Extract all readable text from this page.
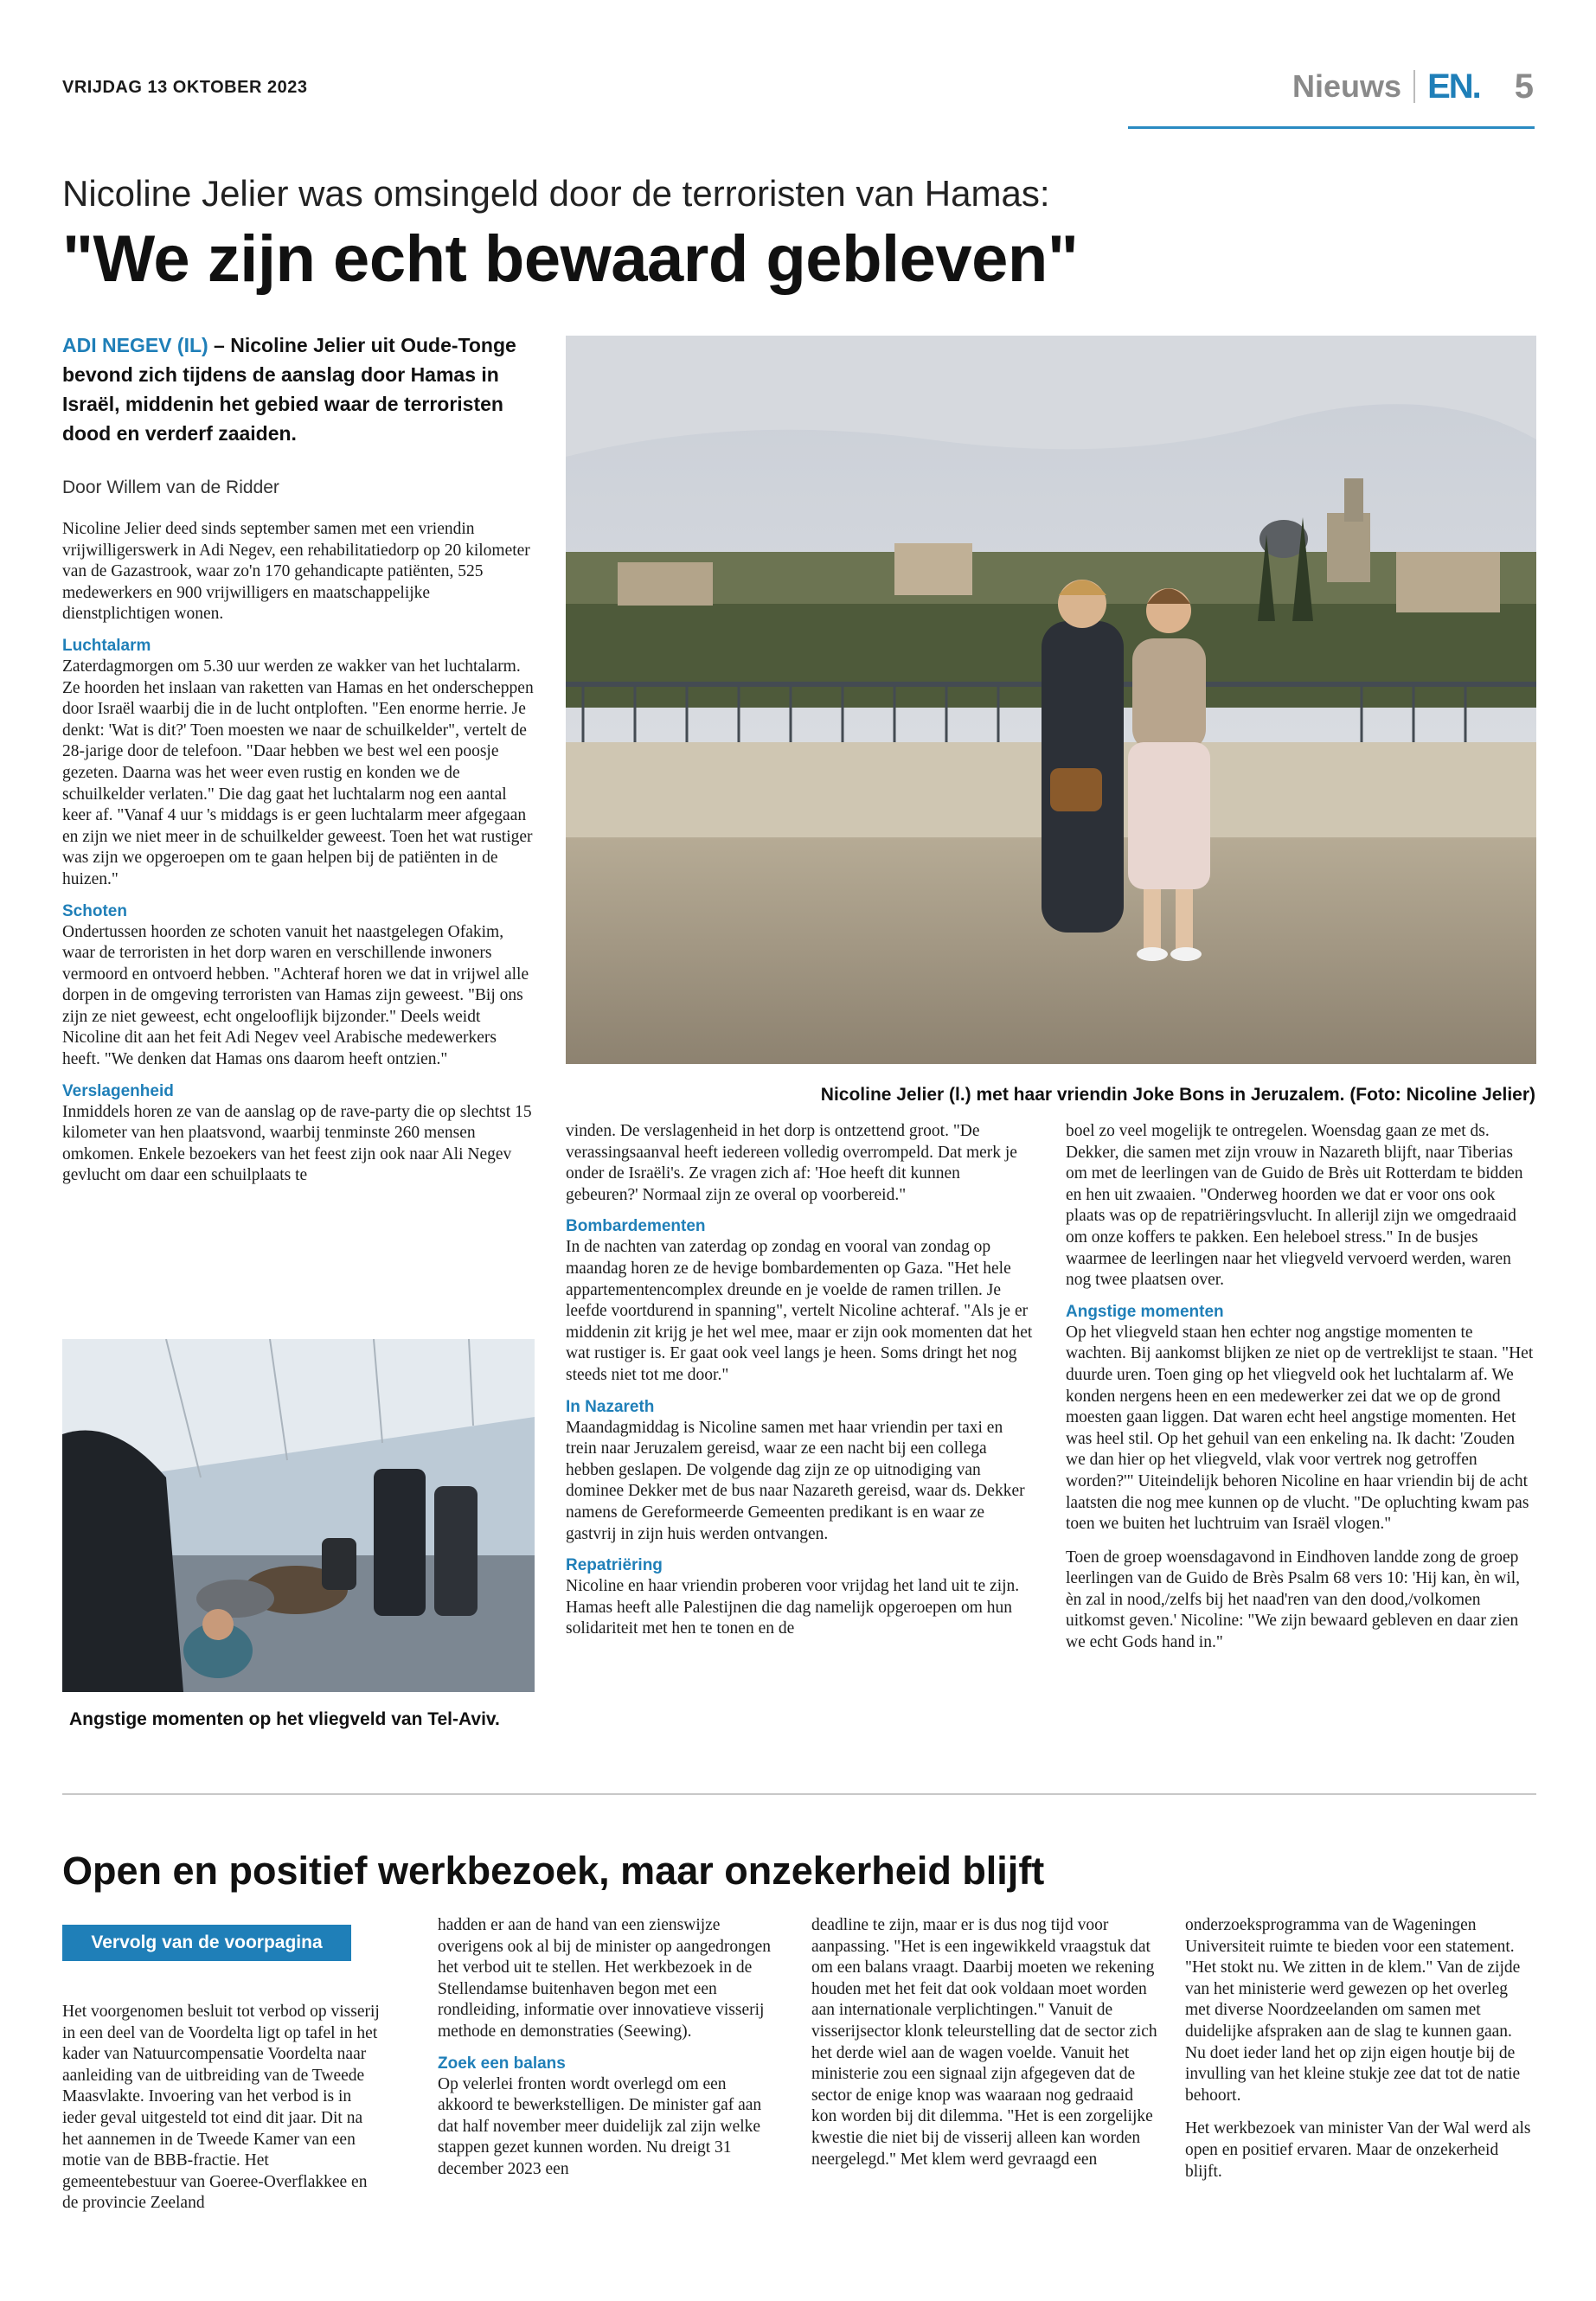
VRIJDAG 13 OKTOBER 2023	Nieuws EN. 5
Nicoline Jelier was omsingeld door de terroristen van Hamas:
"We zijn echt bewaard gebleven"
ADI NEGEV (IL) – Nicoline Jelier uit Oude-Tonge bevond zich tijdens de aanslag door Hamas in Israël, middenin het gebied waar de terroristen dood en verderf zaaiden.
Door Willem van de Ridder

Nicoline Jelier deed sinds september samen met een vriendin vrijwilligerswerk in Adi Negev, een rehabilitatiedorp op 20 kilometer van de Gazastrook, waar zo'n 170 gehandicapte patiënten, 525 medewerkers en 900 vrijwilligers en maatschappelijke dienstplichtigen wonen.

Luchtalarm

Zaterdagmorgen om 5.30 uur werden ze wakker van het luchtalarm. Ze hoorden het inslaan van raketten van Hamas en het onderscheppen door Israël waarbij die in de lucht ontploften. "Een enorme herrie. Je denkt: 'Wat is dit?' Toen moesten we naar de schuilkelder", vertelt de 28-jarige door de telefoon. "Daar hebben we best wel een poosje gezeten. Daarna was het weer even rustig en konden we de schuilkelder verlaten." Die dag gaat het luchtalarm nog een aantal keer af. "Vanaf 4 uur 's middags is er geen luchtalarm meer afgegaan en zijn we niet meer in de schuilkelder geweest. Toen het wat rustiger was zijn we opgeroepen om te gaan helpen bij de patiënten in de huizen."

Schoten

Ondertussen hoorden ze schoten vanuit het naastgelegen Ofakim, waar de terroristen in het dorp waren en verschillende inwoners vermoord en ontvoerd hebben. "Achteraf horen we dat in vrijwel alle dorpen in de omgeving terroristen van Hamas zijn geweest. "Bij ons zijn ze niet geweest, echt ongelooflijk bijzonder." Deels weidt Nicoline dit aan het feit Adi Negev veel Arabische medewerkers heeft. "We denken dat Hamas ons daarom heeft ontzien."

Verslagenheid

Inmiddels horen ze van de aanslag op de rave-party die op slechtst 15 kilometer van hen plaatsvond, waarbij tenminste 260 mensen omkomen. Enkele bezoekers van het feest zijn ook naar Ali Negev gevlucht om daar een schuilplaats te

Nicoline Jelier (l.) met haar vriendin Joke Bons in Jeruzalem. (Foto: Nicoline Jelier)

vinden. De verslagenheid in het dorp is ontzettend groot. "De verassingsaanval heeft iedereen volledig overrompeld. Dat merk je onder de Israëli's. Ze vragen zich af: 'Hoe heeft dit kunnen gebeuren?' Normaal zijn ze overal op voorbereid."

Bombardementen

In de nachten van zaterdag op zondag en vooral van zondag op maandag horen ze de hevige bombardementen op Gaza. "Het hele appartementencomplex dreunde en je voelde de ramen trillen. Je leefde voortdurend in spanning", vertelt Nicoline achteraf. "Als je er middenin zit krijg je het wel mee, maar er zijn ook momenten dat het wat rustiger is. Er gaat ook veel langs je heen. Soms dringt het nog steeds niet tot me door."

In Nazareth

Maandagmiddag is Nicoline samen met haar vriendin per taxi en trein naar Jeruzalem gereisd, waar ze een nacht bij een collega hebben geslapen. De volgende dag zijn ze op uitnodiging van dominee Dekker met de bus naar Nazareth gereisd, waar ds. Dekker namens de Gereformeerde Gemeenten predikant is en waar ze gastvrij in zijn huis werden ontvangen.

Repatriëring

Nicoline en haar vriendin proberen voor vrijdag het land uit te zijn. Hamas heeft alle Palestijnen die dag namelijk opgeroepen om hun solidariteit met hen te tonen en de

boel zo veel mogelijk te ontregelen. Woensdag gaan ze met ds. Dekker, die samen met zijn vrouw in Nazareth blijft, naar Tiberias om met de leerlingen van de Guido de Brès uit Rotterdam te bidden en hen uit zwaaien. "Onderweg hoorden we dat er voor ons ook plaats was op de repatriëringsvlucht. In allerijl zijn we omgedraaid om onze koffers te pakken. Een heleboel stress." In de busjes waarmee de leerlingen naar het vliegveld vervoerd werden, waren nog twee plaatsen over.

Angstige momenten

Op het vliegveld staan hen echter nog angstige momenten te wachten. Bij aankomst blijken ze niet op de vertreklijst te staan. "Het duurde uren. Toen ging op het vliegveld ook het luchtalarm af. We konden nergens heen en een medewerker zei dat we op de grond moesten gaan liggen. Dat waren echt heel angstige momenten. Het was heel stil. Op het gehuil van een enkeling na. Ik dacht: 'Zouden we dan hier op het vliegveld, vlak voor vertrek nog getroffen worden?'" Uiteindelijk behoren Nicoline en haar vriendin bij de acht laatsten die nog mee kunnen op de vlucht. "De opluchting kwam pas toen we buiten het luchtruim van Israël vlogen."

Toen de groep woensdagavond in Eindhoven landde zong de groep leerlingen van de Guido de Brès Psalm 68 vers 10: 'Hij kan, èn wil, èn zal in nood,/zelfs bij het naad'ren van den dood,/volkomen uitkomst geven.' Nicoline: "We zijn bewaard gebleven en daar zien we echt Gods hand in."

Angstige momenten op het vliegveld van Tel-Aviv.
Open en positief werkbezoek, maar onzekerheid blijft
Vervolg van de voorpagina

Het voorgenomen besluit tot verbod op visserij in een deel van de Voordelta ligt op tafel in het kader van Natuurcompensatie Voordelta naar aanleiding van de uitbreiding van de Tweede Maasvlakte. Invoering van het verbod is in ieder geval uitgesteld tot eind dit jaar. Dit na het aannemen in de Tweede Kamer van een motie van de BBB-fractie. Het gemeentebestuur van Goeree-Overflakkee en de provincie Zeeland

hadden er aan de hand van een zienswijze overigens ook al bij de minister op aangedrongen het verbod uit te stellen. Het werkbezoek in de Stellendamse buitenhaven begon met een rondleiding, informatie over innovatieve visserij methode en demonstraties (Seewing).

Zoek een balans

Op velerlei fronten wordt overlegd om een akkoord te bewerkstelligen. De minister gaf aan dat half november meer duidelijk zal zijn welke stappen gezet kunnen worden. Nu dreigt 31 december 2023 een

deadline te zijn, maar er is dus nog tijd voor aanpassing. "Het is een ingewikkeld vraagstuk dat om een balans vraagt. Daarbij moeten we rekening houden met het feit dat ook voldaan moet worden aan internationale verplichtingen." Vanuit de visserijsector klonk teleurstelling dat de sector zich het derde wiel aan de wagen voelde. Vanuit het ministerie zou een signaal zijn afgegeven dat de sector de enige knop was waaraan nog gedraaid kon worden bij dit dilemma. "Het is een zorgelijke kwestie die niet bij de visserij alleen kan worden neergelegd." Met klem werd gevraagd een

onderzoeksprogramma van de Wageningen Universiteit ruimte te bieden voor een statement. "Het stokt nu. We zitten in de klem." Van de zijde van het ministerie werd gewezen op het overleg met diverse Noordzeelanden om samen met duidelijke afspraken aan de slag te kunnen gaan. Nu doet ieder land het op zijn eigen houtje bij de invulling van het kleine stukje zee dat tot de natie behoort.

Het werkbezoek van minister Van der Wal werd als open en positief ervaren. Maar de onzekerheid blijft.
